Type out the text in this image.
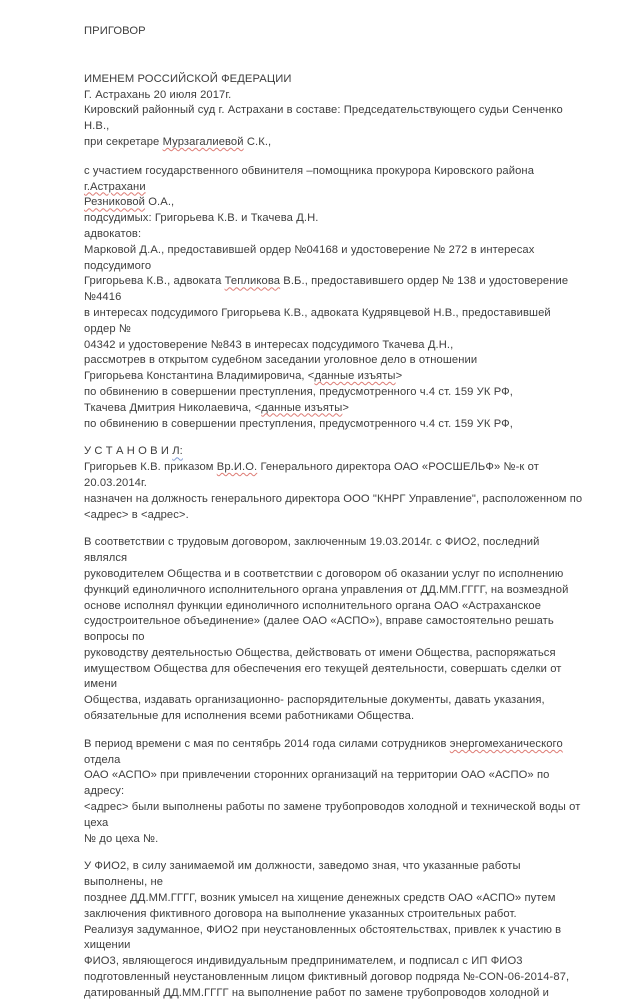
ПРИГОВОР
ИМЕНЕМ РОССИЙСКОЙ ФЕДЕРАЦИИ
Г. Астрахань 20 июля 2017г.
Кировский районный суд г. Астрахани в составе: Председательствующего судьи Сенченко Н.В.,
при секретаре Мурзагалиевой С.К.,
с участием государственного обвинителя –помощника прокурора Кировского района г.Астрахани
Резниковой О.А.,
подсудимых: Григорьева К.В. и Ткачева Д.Н.
адвокатов:
Марковой Д.А., предоставившей ордер №04168 и удостоверение № 272 в интересах подсудимого
Григорьева К.В., адвоката Тепликова В.Б., предоставившего ордер № 138 и удостоверение №4416
в интересах подсудимого Григорьева К.В., адвоката Кудрявцевой Н.В., предоставившей ордер №
04342 и удостоверение №843 в интересах подсудимого Ткачева Д.Н.,
рассмотрев в открытом судебном заседании уголовное дело в отношении
Григорьева Константина Владимировича, <данные изъяты>
по обвинению в совершении преступления, предусмотренного ч.4 ст. 159 УК РФ,
Ткачева Дмитрия Николаевича, <данные изъяты>
по обвинению в совершении преступления, предусмотренного ч.4 ст. 159 УК РФ,
У С Т А Н О В И Л:
Григорьев К.В. приказом Вр.И.О. Генерального директора ОАО «РОСШЕЛЬФ» №-к от 20.03.2014г.
назначен на должность генерального директора ООО "КНРГ Управление", расположенном по
<адрес> в <адрес>.
В соответствии с трудовым договором, заключенным 19.03.2014г. с ФИО2, последний являлся
руководителем Общества и в соответствии с договором об оказании услуг по исполнению
функций единоличного исполнительного органа управления от ДД.ММ.ГГГГ, на возмездной
основе исполнял функции единоличного исполнительного органа ОАО «Астраханское
судостроительное объединение» (далее ОАО «АСПО»), вправе самостоятельно решать вопросы по
руководству деятельностью Общества, действовать от имени Общества, распоряжаться
имуществом Общества для обеспечения его текущей деятельности, совершать сделки от имени
Общества, издавать организационно- распорядительные документы, давать указания,
обязательные для исполнения всеми работниками Общества.
В период времени с мая по сентябрь 2014 года силами сотрудников энергомеханического отдела
ОАО «АСПО» при привлечении сторонних организаций на территории ОАО «АСПО» по адресу:
<адрес> были выполнены работы по замене трубопроводов холодной и технической воды от цеха
№ до цеха №.
У ФИО2, в силу занимаемой им должности, заведомо зная, что указанные работы выполнены, не
позднее ДД.ММ.ГГГГ, возник умысел на хищение денежных средств ОАО «АСПО» путем
заключения фиктивного договора на выполнение указанных строительных работ.
Реализуя задуманное, ФИО2 при неустановленных обстоятельствах, привлек к участию в хищении
ФИО3, являющегося индивидуальным предпринимателем, и подписал с ИП ФИО3
подготовленный неустановленным лицом фиктивный договор подряда №-CON-06-2014-87,
датированный ДД.ММ.ГГГГ на выполнение работ по замене трубопроводов холодной и
